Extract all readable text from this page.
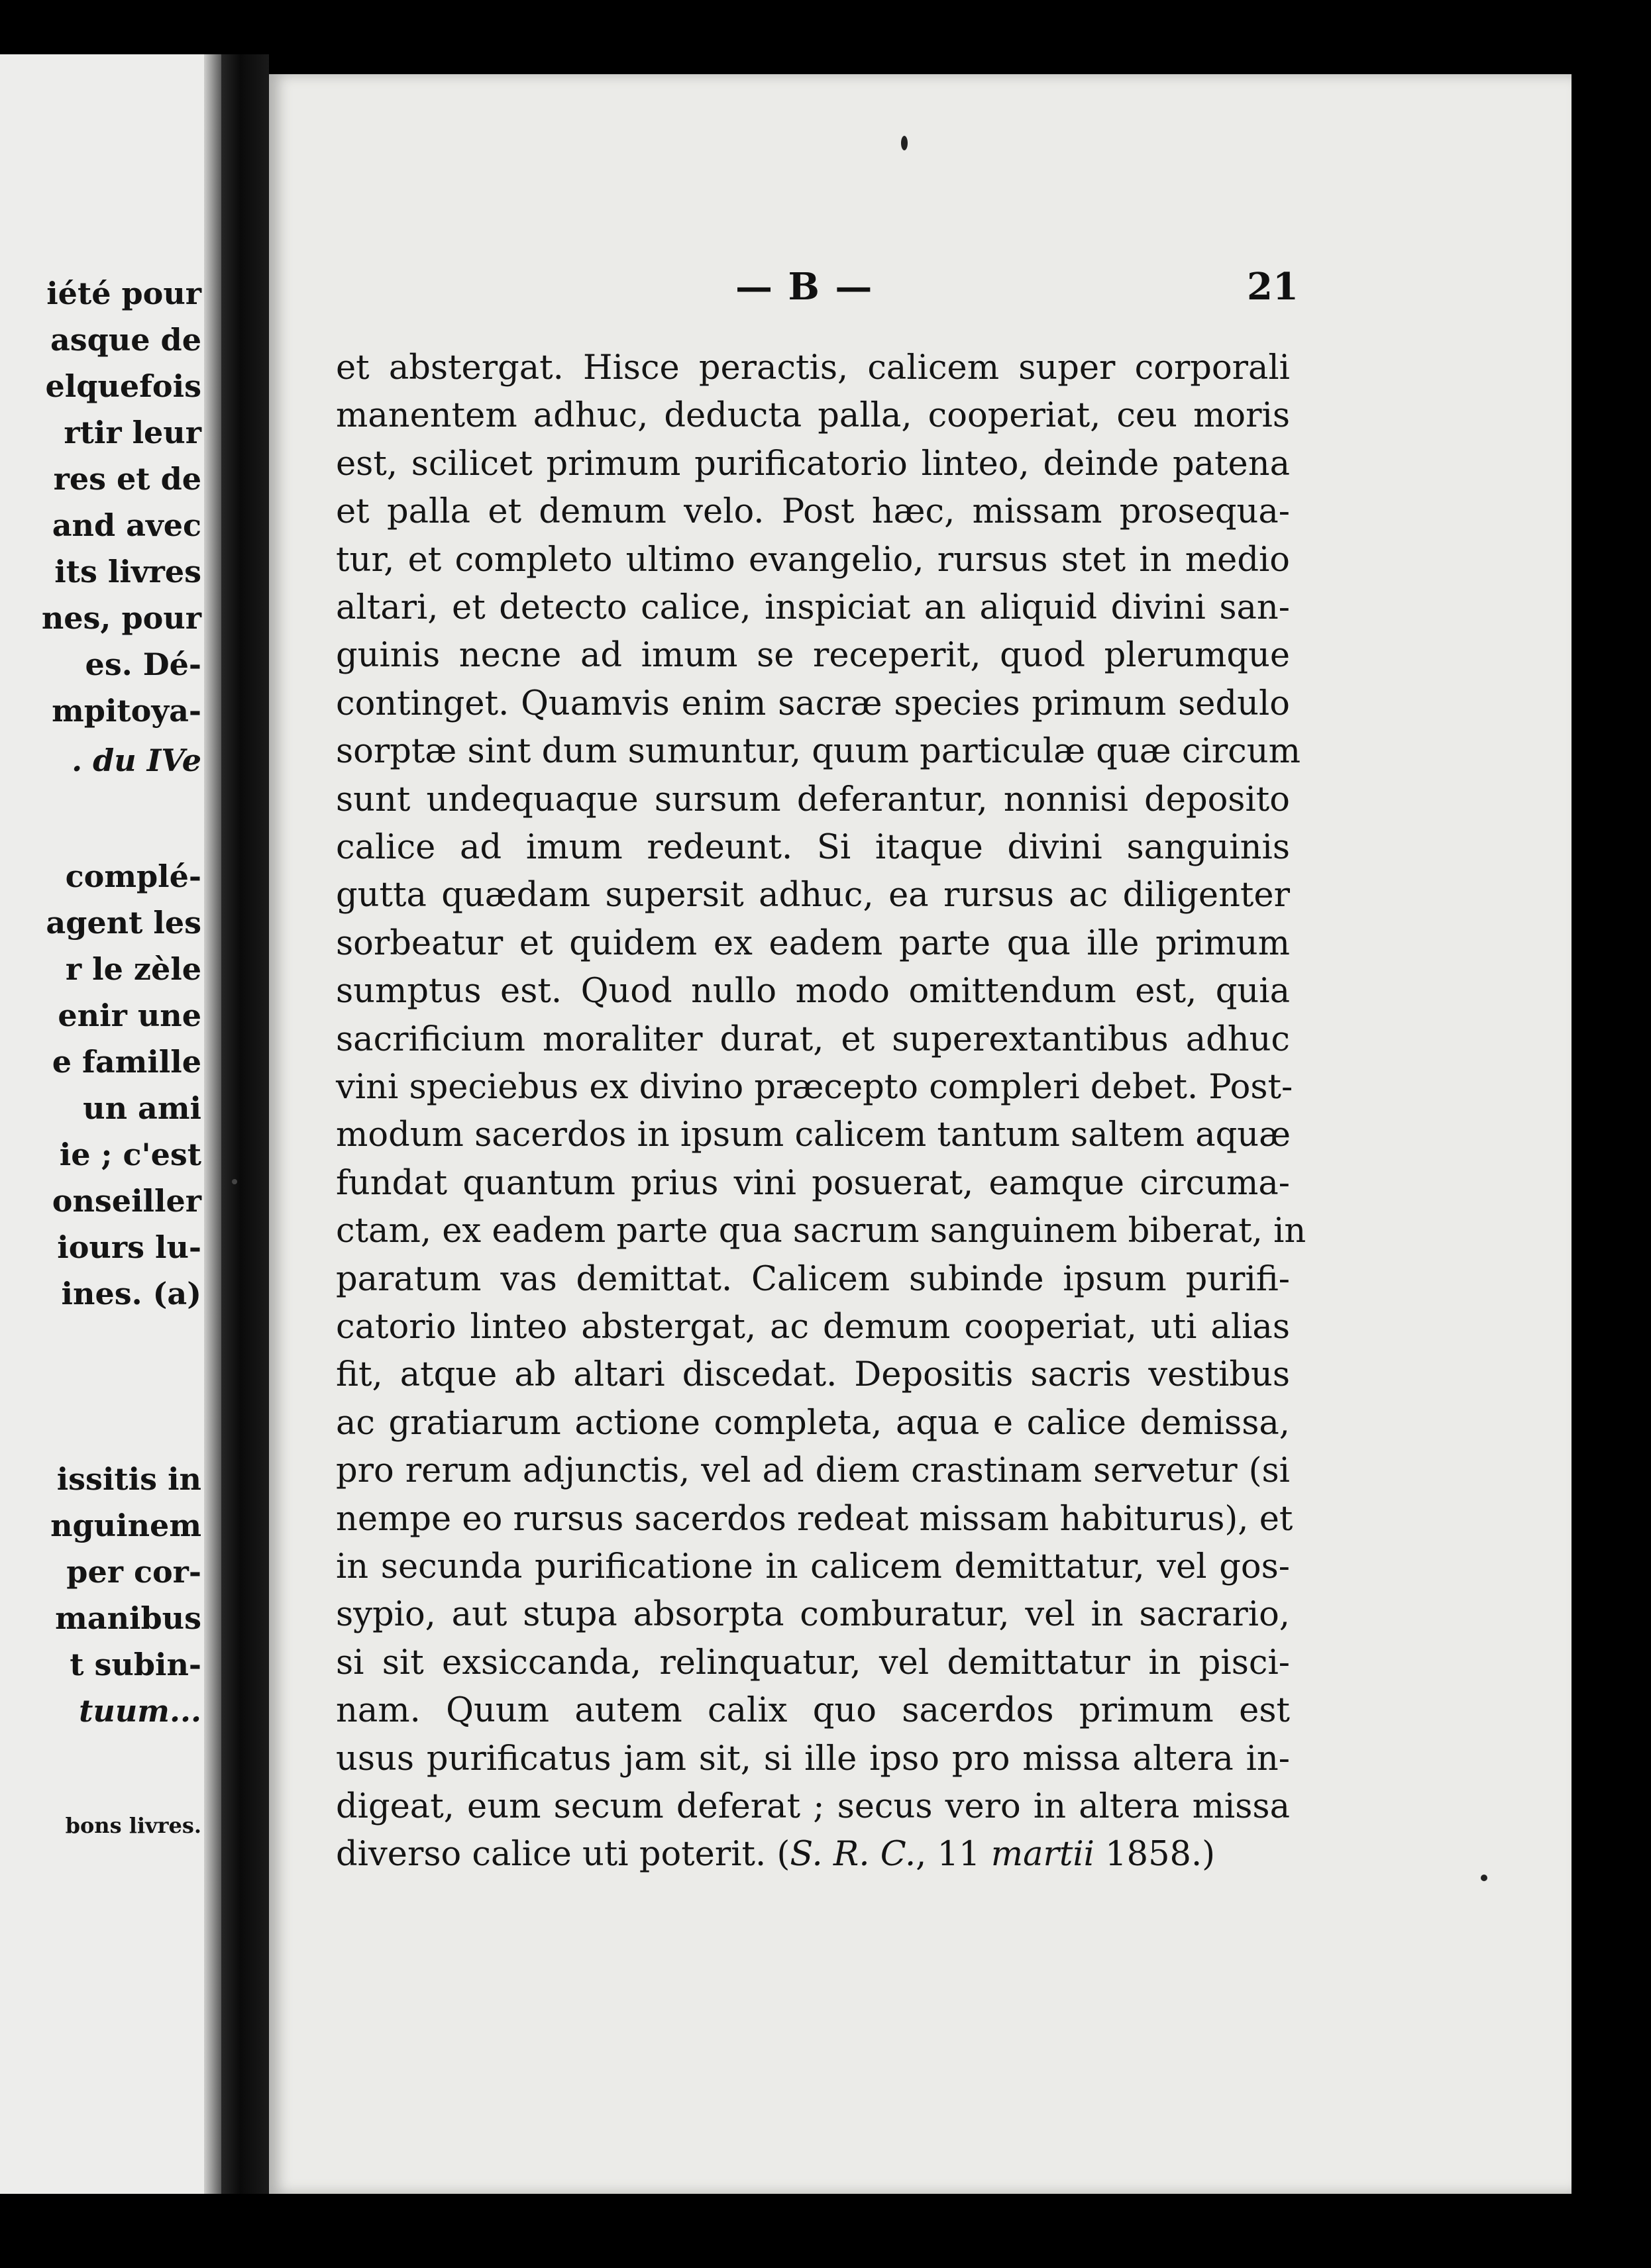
iété pour
asque de
elquefois
rtir leur
res et de
and avec
its livres
nes, pour
es. Dé-
mpitoya-
. du IVe
complé-
agent les
r le zèle
enir une
e famille
un ami
ie ; c'est
onseiller
iours lu-
ines. (a)
issitis in
nguinem
per cor-
manibus
t subin-
tuum...
bons livres.
— B —	21
et abstergat. Hisce peractis, calicem super corporali
manentem adhuc, deducta palla, cooperiat, ceu moris
est, scilicet primum purificatorio linteo, deinde patena
et palla et demum velo. Post hæc, missam prosequa-
tur, et completo ultimo evangelio, rursus stet in medio
altari, et detecto calice, inspiciat an aliquid divini san-
guinis necne ad imum se receperit, quod plerumque
continget. Quamvis enim sacræ species primum sedulo
sorptæ sint dum sumuntur, quum particulæ quæ circum
sunt undequaque sursum deferantur, nonnisi deposito
calice ad imum redeunt. Si itaque divini sanguinis
gutta quædam supersit adhuc, ea rursus ac diligenter
sorbeatur et quidem ex eadem parte qua ille primum
sumptus est. Quod nullo modo omittendum est, quia
sacrificium moraliter durat, et superextantibus adhuc
vini speciebus ex divino præcepto compleri debet. Post-
modum sacerdos in ipsum calicem tantum saltem aquæ
fundat quantum prius vini posuerat, eamque circuma-
ctam, ex eadem parte qua sacrum sanguinem biberat, in
paratum vas demittat. Calicem subinde ipsum purifi-
catorio linteo abstergat, ac demum cooperiat, uti alias
fit, atque ab altari discedat. Depositis sacris vestibus
ac gratiarum actione completa, aqua e calice demissa,
pro rerum adjunctis, vel ad diem crastinam servetur (si
nempe eo rursus sacerdos redeat missam habiturus), et
in secunda purificatione in calicem demittatur, vel gos-
sypio, aut stupa absorpta comburatur, vel in sacrario,
si sit exsiccanda, relinquatur, vel demittatur in pisci-
nam. Quum autem calix quo sacerdos primum est
usus purificatus jam sit, si ille ipso pro missa altera in-
digeat, eum secum deferat ; secus vero in altera missa
diverso calice uti poterit. (S. R. C., 11 martii 1858.)
